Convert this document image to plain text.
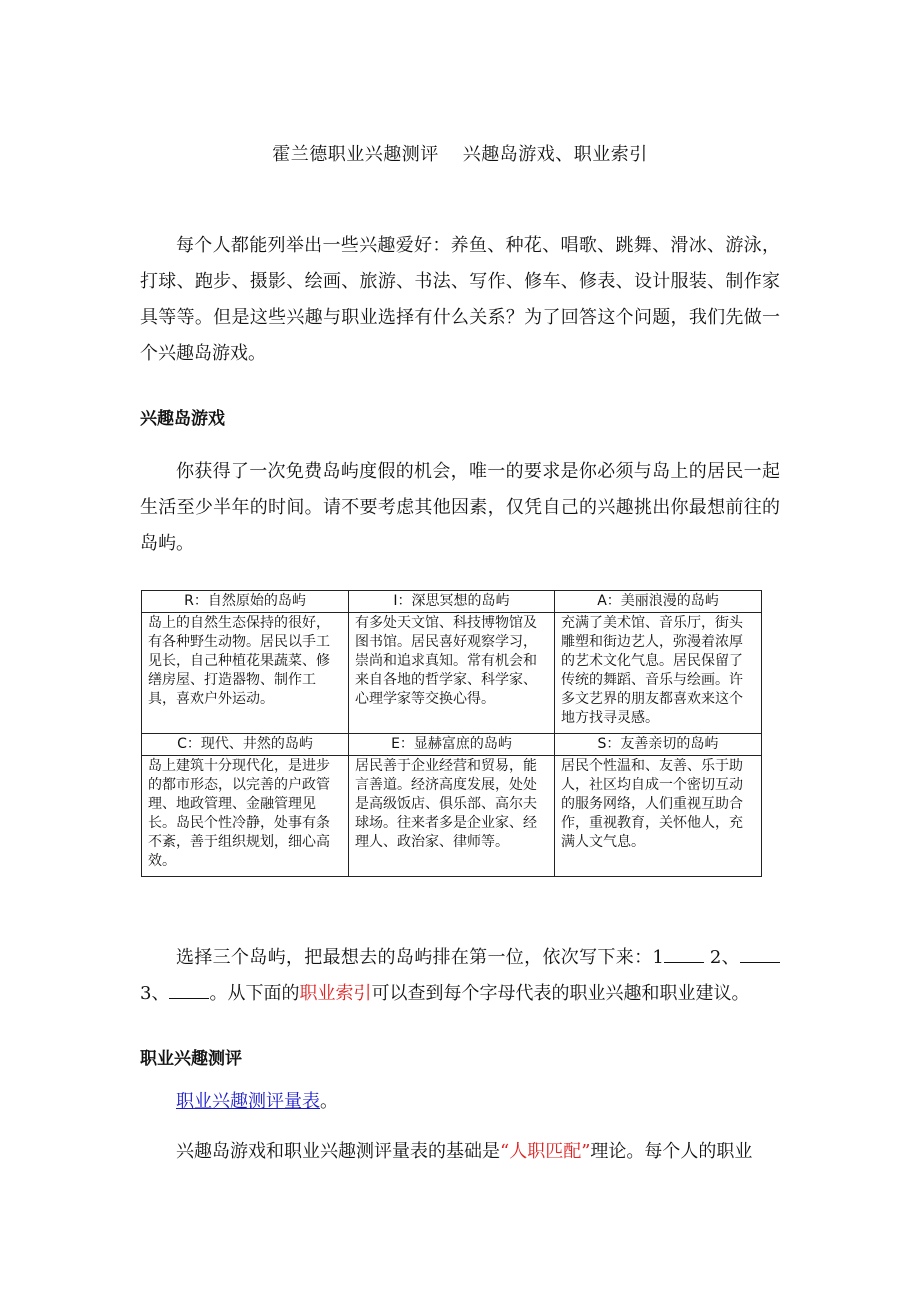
霍兰德职业兴趣测评 兴趣岛游戏、职业索引
每个人都能列举出一些兴趣爱好：养鱼、种花、唱歌、跳舞、滑冰、游泳，打球、跑步、摄影、绘画、旅游、书法、写作、修车、修表、设计服装、制作家具等等。但是这些兴趣与职业选择有什么关系？为了回答这个问题，我们先做一个兴趣岛游戏。
兴趣岛游戏
你获得了一次免费岛屿度假的机会，唯一的要求是你必须与岛上的居民一起生活至少半年的时间。请不要考虑其他因素，仅凭自己的兴趣挑出你最想前往的岛屿。
R：自然原始的岛屿	I：深思冥想的岛屿	A：美丽浪漫的岛屿
岛上的自然生态保持的很好，有各种野生动物。居民以手工见长，自己种植花果蔬菜、修缮房屋、打造器物、制作工具，喜欢户外运动。	有多处天文馆、科技博物馆及图书馆。居民喜好观察学习，崇尚和追求真知。常有机会和来自各地的哲学家、科学家、心理学家等交换心得。	充满了美术馆、音乐厅，街头雕塑和街边艺人，弥漫着浓厚的艺术文化气息。居民保留了传统的舞蹈、音乐与绘画。许多文艺界的朋友都喜欢来这个地方找寻灵感。
C：现代、井然的岛屿	E：显赫富庶的岛屿	S：友善亲切的岛屿
岛上建筑十分现代化，是进步的都市形态，以完善的户政管理、地政管理、金融管理见长。岛民个性冷静，处事有条不紊，善于组织规划，细心高效。	居民善于企业经营和贸易，能言善道。经济高度发展，处处是高级饭店、俱乐部、高尔夫球场。往来者多是企业家、经理人、政治家、律师等。	居民个性温和、友善、乐于助人，社区均自成一个密切互动的服务网络，人们重视互助合作，重视教育，关怀他人，充满人文气息。
选择三个岛屿，把最想去的岛屿排在第一位，依次写下来：1 2、3、 。从下面的职业索引可以查到每个字母代表的职业兴趣和职业建议。
职业兴趣测评
职业兴趣测评量表。
兴趣岛游戏和职业兴趣测评量表的基础是“人职匹配”理论。每个人的职业
